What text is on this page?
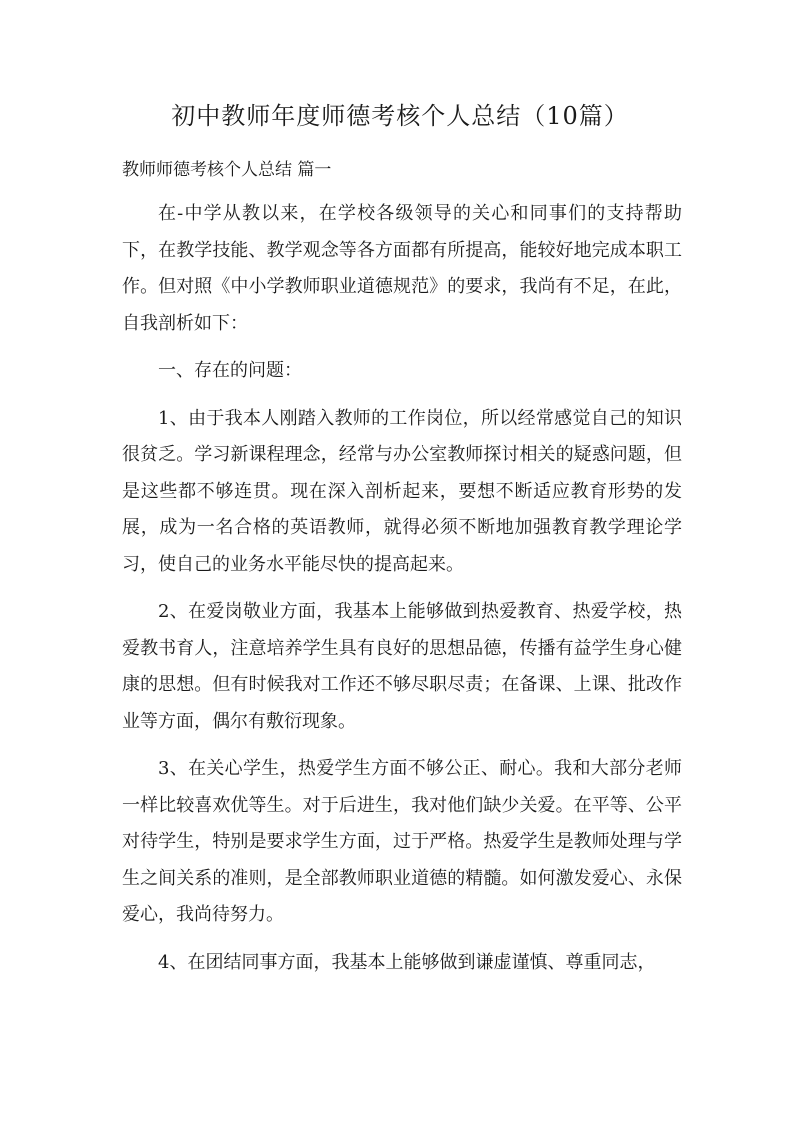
初中教师年度师德考核个人总结（10篇）
教师师德考核个人总结 篇一

在-中学从教以来，在学校各级领导的关心和同事们的支持帮助下，在教学技能、教学观念等各方面都有所提高，能较好地完成本职工作。但对照《中小学教师职业道德规范》的要求，我尚有不足，在此，自我剖析如下：

一、存在的问题：

1、由于我本人刚踏入教师的工作岗位，所以经常感觉自己的知识很贫乏。学习新课程理念，经常与办公室教师探讨相关的疑惑问题，但是这些都不够连贯。现在深入剖析起来，要想不断适应教育形势的发展，成为一名合格的英语教师，就得必须不断地加强教育教学理论学习，使自己的业务水平能尽快的提高起来。

2、在爱岗敬业方面，我基本上能够做到热爱教育、热爱学校，热爱教书育人，注意培养学生具有良好的思想品德，传播有益学生身心健康的思想。但有时候我对工作还不够尽职尽责；在备课、上课、批改作业等方面，偶尔有敷衍现象。

3、在关心学生，热爱学生方面不够公正、耐心。我和大部分老师一样比较喜欢优等生。对于后进生，我对他们缺少关爱。在平等、公平对待学生，特别是要求学生方面，过于严格。热爱学生是教师处理与学生之间关系的准则，是全部教师职业道德的精髓。如何激发爱心、永保爱心，我尚待努力。

4、在团结同事方面，我基本上能够做到谦虚谨慎、尊重同志，
